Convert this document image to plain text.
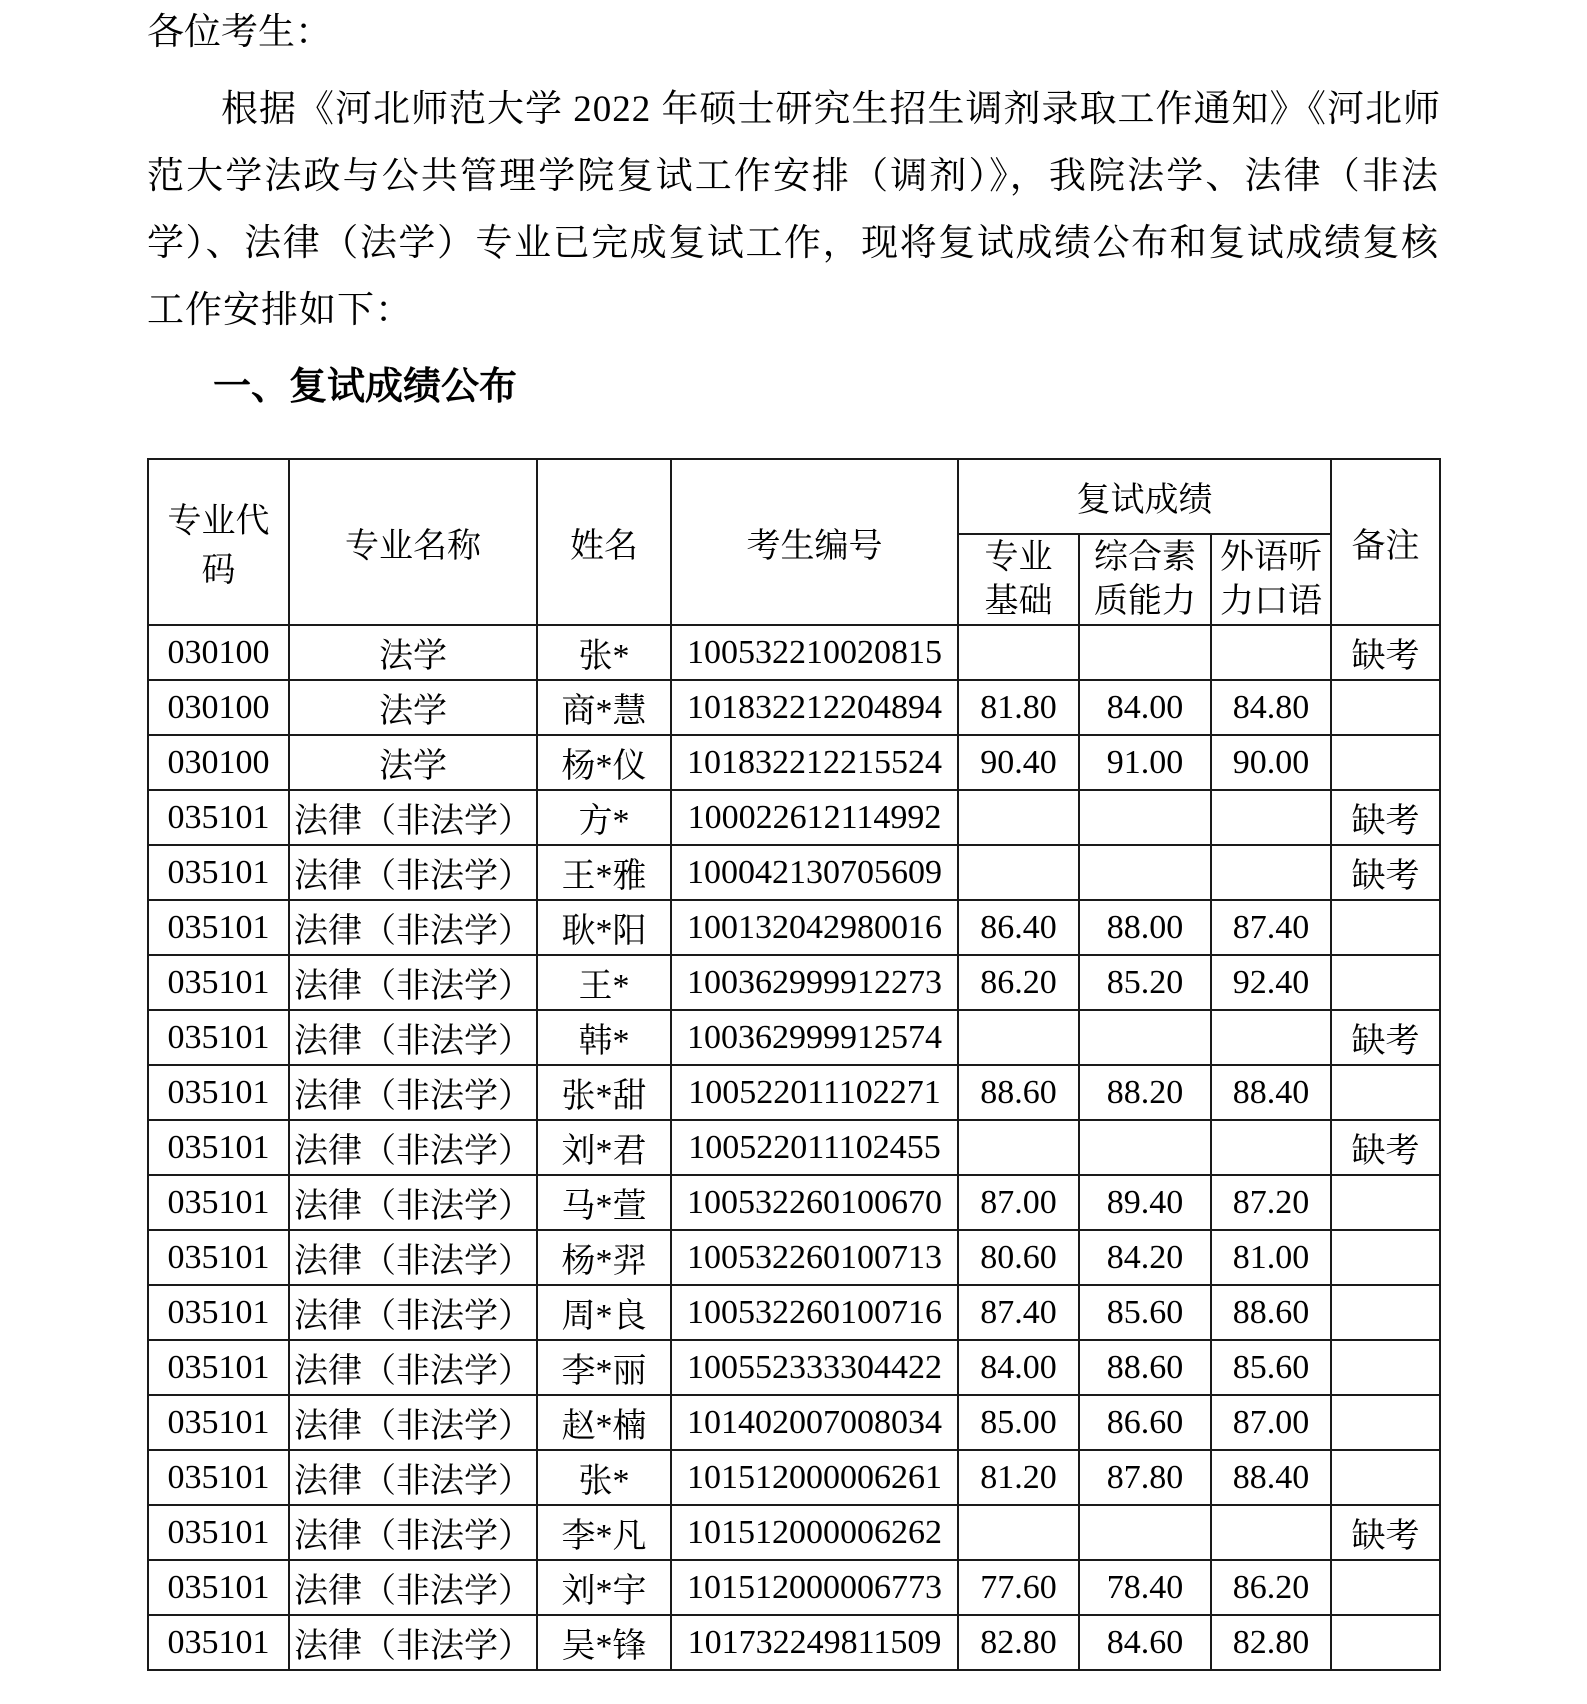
各位考生：
根据《河北师范大学 2022 年硕士研究生招生调剂录取工作通知》《河北师
范大学法政与公共管理学院复试工作安排（调剂）》，我院法学、法律（非法
学）、法律（法学）专业已完成复试工作，现将复试成绩公布和复试成绩复核
工作安排如下：
一、复试成绩公布
专业代码	专业名称	姓名	考生编号	复试成绩			备注
				专业基础	综合素质能力	外语听力口语	
030100	法学	张*	100532210020815				缺考
030100	法学	商*慧	101832212204894	81.80	84.00	84.80	
030100	法学	杨*仪	101832212215524	90.40	91.00	90.00	
035101	法律（非法学）	方*	100022612114992				缺考
035101	法律（非法学）	王*雅	100042130705609				缺考
035101	法律（非法学）	耿*阳	100132042980016	86.40	88.00	87.40	
035101	法律（非法学）	王*	100362999912273	86.20	85.20	92.40	
035101	法律（非法学）	韩*	100362999912574				缺考
035101	法律（非法学）	张*甜	100522011102271	88.60	88.20	88.40	
035101	法律（非法学）	刘*君	100522011102455				缺考
035101	法律（非法学）	马*萱	100532260100670	87.00	89.40	87.20	
035101	法律（非法学）	杨*羿	100532260100713	80.60	84.20	81.00	
035101	法律（非法学）	周*良	100532260100716	87.40	85.60	88.60	
035101	法律（非法学）	李*丽	100552333304422	84.00	88.60	85.60	
035101	法律（非法学）	赵*楠	101402007008034	85.00	86.60	87.00	
035101	法律（非法学）	张*	101512000006261	81.20	87.80	88.40	
035101	法律（非法学）	李*凡	101512000006262				缺考
035101	法律（非法学）	刘*宇	101512000006773	77.60	78.40	86.20	
035101	法律（非法学）	吴*锋	101732249811509	82.80	84.60	82.80	
